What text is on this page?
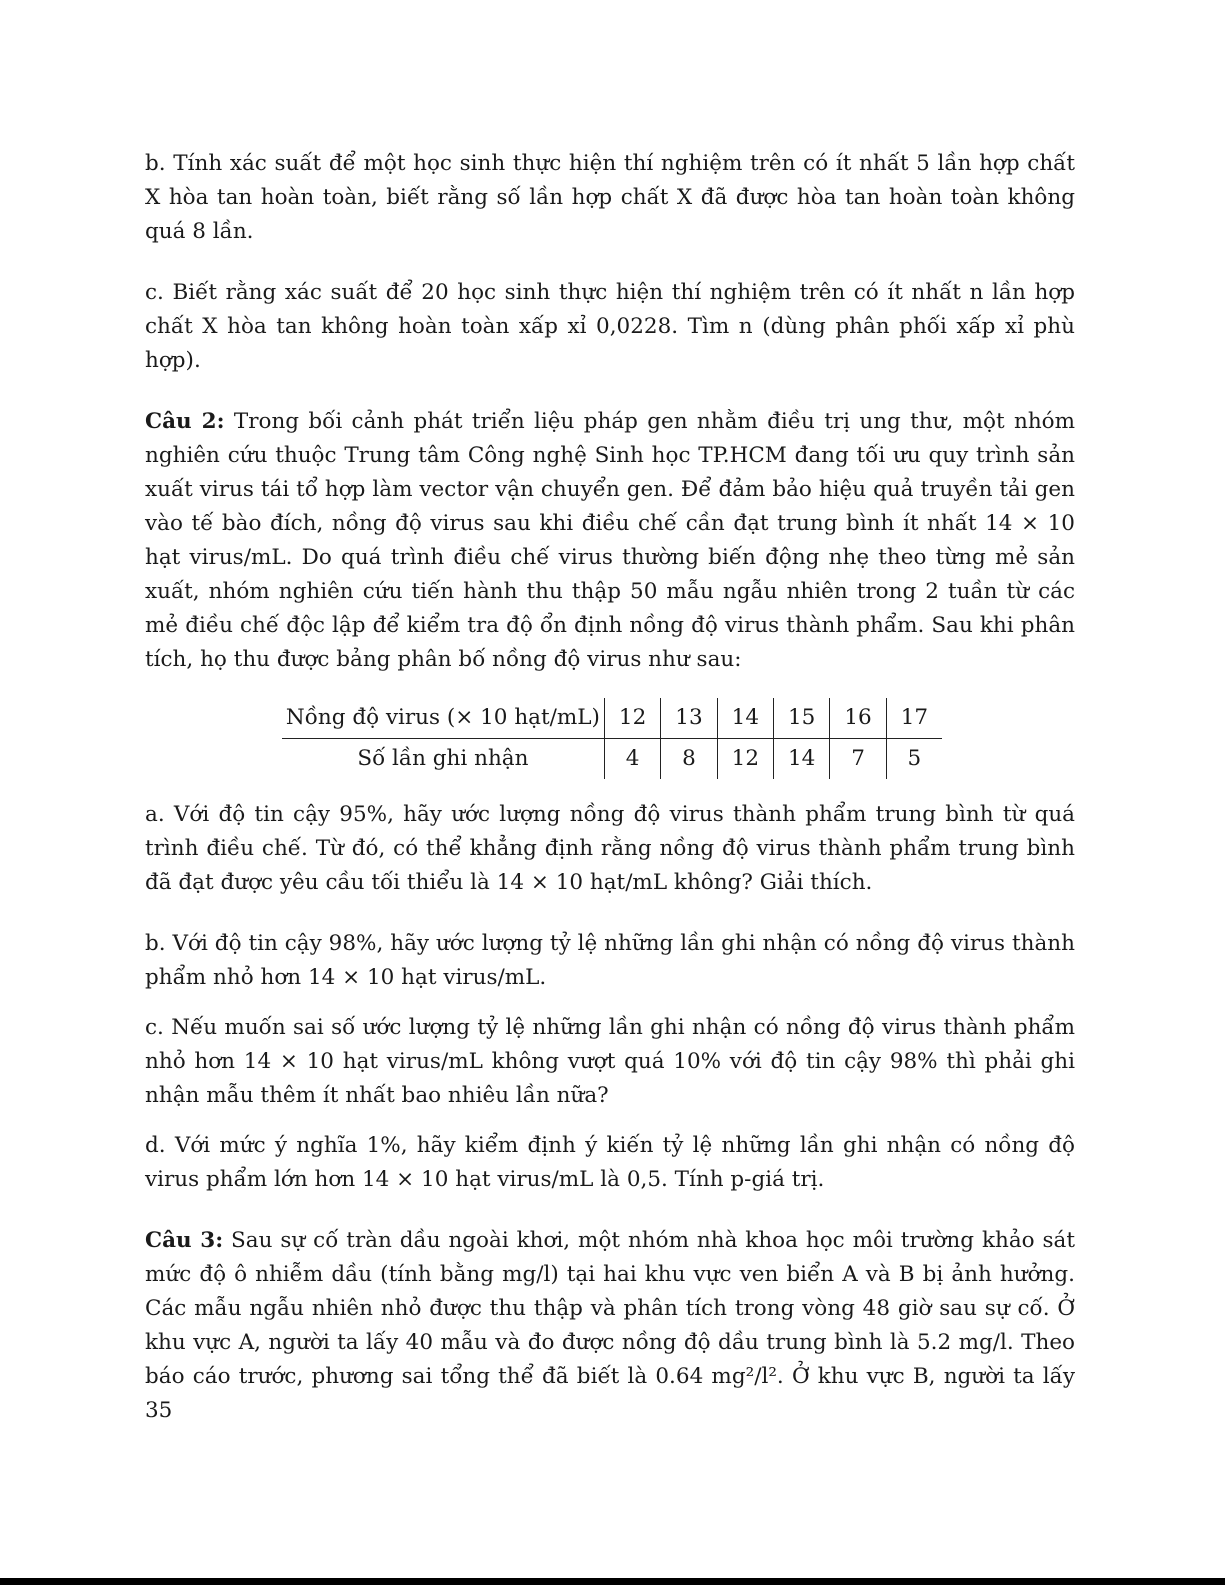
b. Tính xác suất để một học sinh thực hiện thí nghiệm trên có ít nhất 5 lần hợp chất X hòa tan hoàn toàn, biết rằng số lần hợp chất X đã được hòa tan hoàn toàn không quá 8 lần.

c. Biết rằng xác suất để 20 học sinh thực hiện thí nghiệm trên có ít nhất n lần hợp chất X hòa tan không hoàn toàn xấp xỉ 0,0228. Tìm n (dùng phân phối xấp xỉ phù hợp).

Câu 2: Trong bối cảnh phát triển liệu pháp gen nhằm điều trị ung thư, một nhóm nghiên cứu thuộc Trung tâm Công nghệ Sinh học TP.HCM đang tối ưu quy trình sản xuất virus tái tổ hợp làm vector vận chuyển gen. Để đảm bảo hiệu quả truyền tải gen vào tế bào đích, nồng độ virus sau khi điều chế cần đạt trung bình ít nhất 14 × 10 hạt virus/mL. Do quá trình điều chế virus thường biến động nhẹ theo từng mẻ sản xuất, nhóm nghiên cứu tiến hành thu thập 50 mẫu ngẫu nhiên trong 2 tuần từ các mẻ điều chế độc lập để kiểm tra độ ổn định nồng độ virus thành phẩm. Sau khi phân tích, họ thu được bảng phân bố nồng độ virus như sau:

Nồng độ virus (× 10 hạt/mL)	12	13	14	15	16	17
Số lần ghi nhận	4	8	12	14	7	5

a. Với độ tin cậy 95%, hãy ước lượng nồng độ virus thành phẩm trung bình từ quá trình điều chế. Từ đó, có thể khẳng định rằng nồng độ virus thành phẩm trung bình đã đạt được yêu cầu tối thiểu là 14 × 10 hạt/mL không? Giải thích.

b. Với độ tin cậy 98%, hãy ước lượng tỷ lệ những lần ghi nhận có nồng độ virus thành phẩm nhỏ hơn 14 × 10 hạt virus/mL.

c. Nếu muốn sai số ước lượng tỷ lệ những lần ghi nhận có nồng độ virus thành phẩm nhỏ hơn 14 × 10 hạt virus/mL không vượt quá 10% với độ tin cậy 98% thì phải ghi nhận mẫu thêm ít nhất bao nhiêu lần nữa?

d. Với mức ý nghĩa 1%, hãy kiểm định ý kiến tỷ lệ những lần ghi nhận có nồng độ virus phẩm lớn hơn 14 × 10 hạt virus/mL là 0,5. Tính p-giá trị.

Câu 3: Sau sự cố tràn dầu ngoài khơi, một nhóm nhà khoa học môi trường khảo sát mức độ ô nhiễm dầu (tính bằng mg/l) tại hai khu vực ven biển A và B bị ảnh hưởng. Các mẫu ngẫu nhiên nhỏ được thu thập và phân tích trong vòng 48 giờ sau sự cố. Ở khu vực A, người ta lấy 40 mẫu và đo được nồng độ dầu trung bình là 5.2 mg/l. Theo báo cáo trước, phương sai tổng thể đã biết là 0.64 mg²/l². Ở khu vực B, người ta lấy 35
